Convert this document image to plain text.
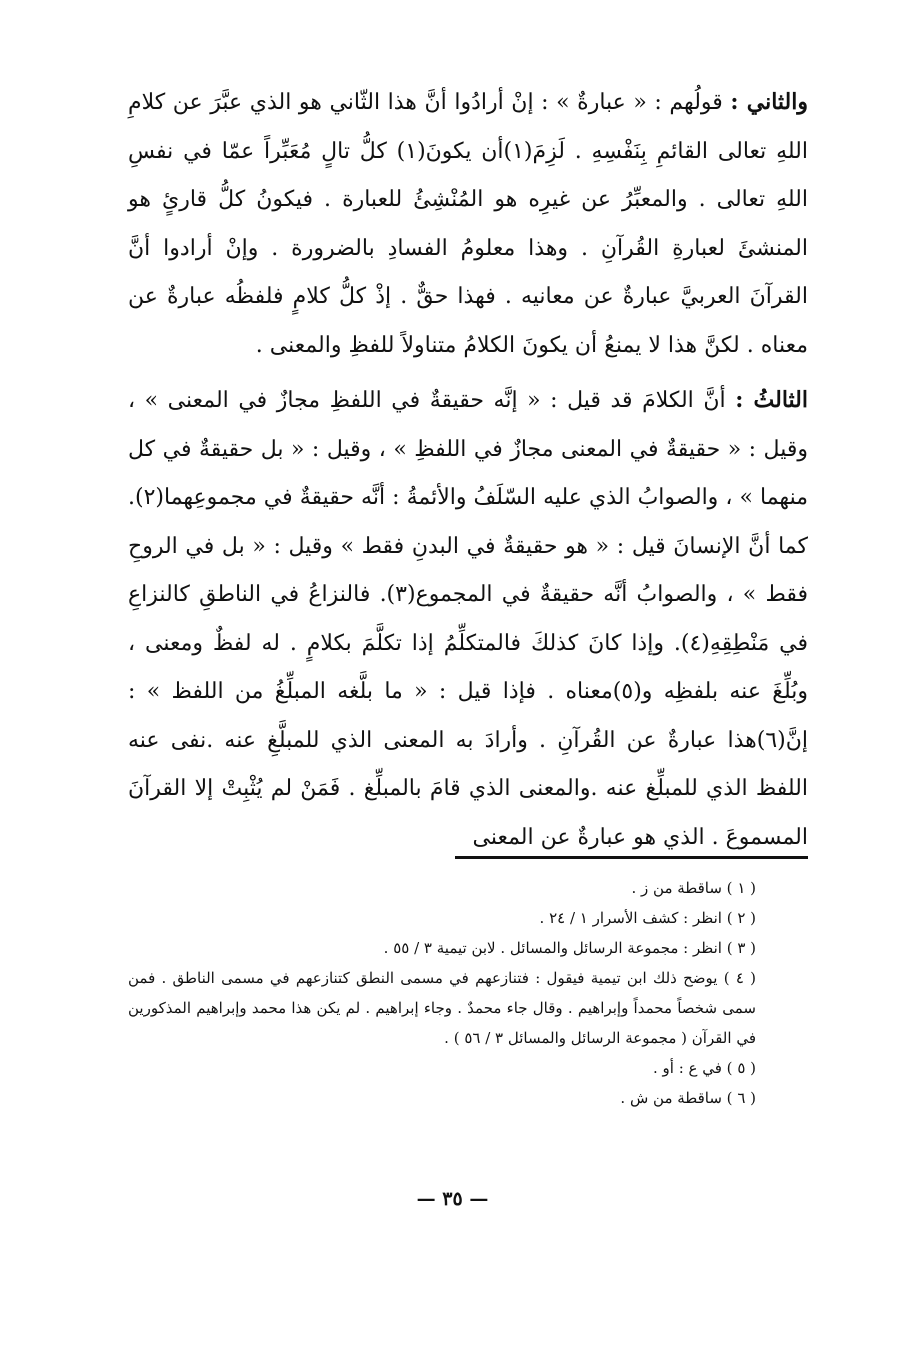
والثاني : قولُهم : « عبارةٌ » : إنْ أرادُوا أنَّ هذا الثّاني هو الذي عبَّرَ عن كلامِ اللهِ تعالى القائمِ بِنَفْسِهِ . لَزِمَ(١)أن يكونَ(١) كلُّ تالٍ مُعَبِّراً عمّا في نفسِ اللهِ تعالى . والمعبِّرُ عن غيرِه هو المُنْشِئُ للعبارة . فيكونُ كلُّ قارئٍ هو المنشئَ لعبارةِ القُرآنِ . وهذا معلومُ الفسادِ بالضرورة . وإنْ أرادوا أنَّ القرآنَ العربيَّ عبارةٌ عن معانيه . فهذا حقٌّ . إذْ كلُّ كلامٍ فلفظُه عبارةٌ عن معناه . لكنَّ هذا لا يمنعُ أن يكونَ الكلامُ متناولاً للفظِ والمعنى .

الثالثُ : أنَّ الكلامَ قد قيل : « إنَّه حقيقةٌ في اللفظِ مجازٌ في المعنى » ، وقيل : « حقيقةٌ في المعنى مجازٌ في اللفظِ » ، وقيل : « بل حقيقةٌ في كل منهما » ، والصوابُ الذي عليه السّلَفُ والأئمةُ : أنَّه حقيقةٌ في مجموعِهما(٢). كما أنَّ الإنسانَ قيل : « هو حقيقةٌ في البدنِ فقط » وقيل : « بل في الروحِ فقط » ، والصوابُ أنَّه حقيقةٌ في المجموع(٣). فالنزاعُ في الناطقِ كالنزاعِ في مَنْطِقِهِ(٤). وإذا كانَ كذلكَ فالمتكلِّمُ إذا تكلَّمَ بكلامٍ . له لفظٌ ومعنى ، وبُلِّغَ عنه بلفظِه و(٥)معناه . فإذا قيل : « ما بلَّغه المبلِّغُ من اللفظ » : إنَّ(٦)هذا عبارةٌ عن القُرآنِ . وأرادَ به المعنى الذي للمبلَّغِ عنه .نفى عنه اللفظ الذي للمبلِّغ عنه .والمعنى الذي قامَ بالمبلِّغ . فَمَنْ لم يُثْبِتْ إلا القرآنَ المسموعَ . الذي هو عبارةٌ عن المعنى

( ١ ) ساقطة من ز .

( ٢ ) انظر : كشف الأسرار ١ / ٢٤ .

( ٣ ) انظر : مجموعة الرسائل والمسائل . لابن تيمية ٣ / ٥٥ .

( ٤ ) يوضح ذلك ابن تيمية فيقول : فتنازعهم في مسمى النطق كتنازعهم في مسمى الناطق . فمن سمى شخصاً محمداً وإبراهيم . وقال جاء محمدٌ . وجاء إبراهيم . لم يكن هذا محمد وإبراهيم المذكورين في القرآن ( مجموعة الرسائل والمسائل ٣ / ٥٦ ) .

( ٥ ) في ع : أو .

( ٦ ) ساقطة من ش .

— ٣٥ —
